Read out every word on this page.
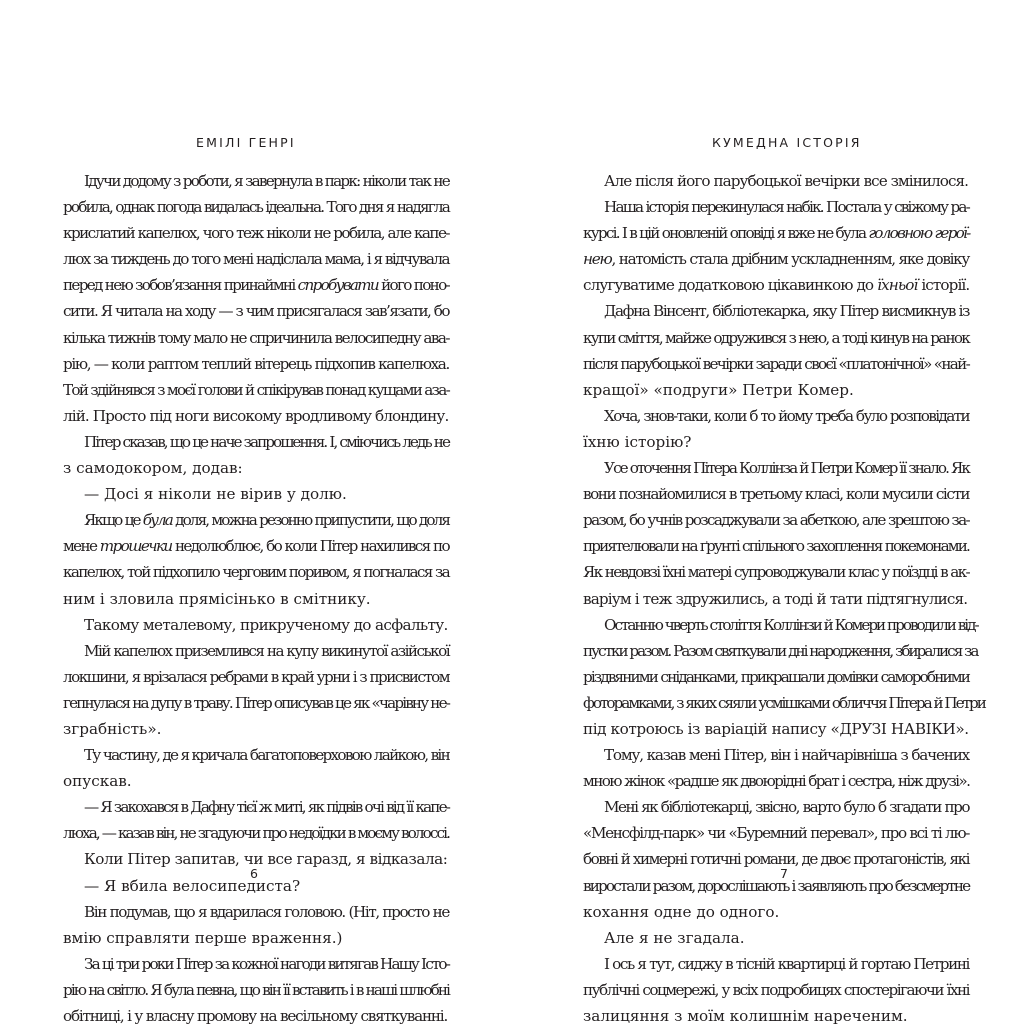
ЕМІЛІ ГЕНРІ
Ідучи додому з роботи, я завернула в парк: ніколи так не
робила, однак погода видалась ідеальна. Того дня я надягла
крислатий капелюх, чого теж ніколи не робила, але капе-
люх за тиждень до того мені надіслала мама, і я відчувала
перед нею зобов’язання принаймні спробувати його поно-
сити. Я читала на ходу — з чим присягалася зав’язати, бо
кілька тижнів тому мало не спричинила велосипедну ава-
рію, — коли раптом теплий вітерець підхопив капелюха.
Той здійнявся з моєї голови й спікірував понад кущами аза-
лій. Просто під ноги високому вродливому блондину.
Пітер сказав, що це наче запрошення. І, сміючись ледь не
з самодокором, додав:
— Досі я ніколи не вірив у долю.
Якщо це була доля, можна резонно припустити, що доля
мене трошечки недолюблює, бо коли Пітер нахилився по
капелюх, той підхопило черговим поривом, я погналася за
ним і зловила прямісінько в смітнику.
Такому металевому, прикрученому до асфальту.
Мій капелюх приземлився на купу викинутої азійської
локшини, я врізалася ребрами в край урни і з присвистом
гепнулася на дупу в траву. Пітер описував це як «чарівну не-
зграбність».
Ту частину, де я кричала багатоповерховою лайкою, він
опускав.
— Я закохався в Дафну тієї ж миті, як підвів очі від її капе-
люха, — казав він, не згадуючи про недоїдки в моєму волоссі.
Коли Пітер запитав, чи все гаразд, я відказала:
— Я вбила велосипедиста?
Він подумав, що я вдарилася головою. (Ніт, просто не
вмію справляти перше враження.)
За ці три роки Пітер за кожної нагоди витягав Нашу Істо-
рію на світло. Я була певна, що він її вставить і в наші шлюбні
обітниці, і у власну промову на весільному святкуванні.
6
КУМЕДНА ІСТОРІЯ
Але після його парубоцької вечірки все змінилося.
Наша історія перекинулася набік. Постала у свіжому ра-
курсі. І в цій оновленій оповіді я вже не була головною герої-
нею, натомість стала дрібним ускладненням, яке довіку
слугуватиме додатковою цікавинкою до їхньої історії.
Дафна Вінсент, бібліотекарка, яку Пітер висмикнув із
купи сміття, майже одружився з нею, а тоді кинув на ранок
після парубоцької вечірки заради своєї «платонічної» «най-
кращої» «подруги» Петри Комер.
Хоча, знов-таки, коли б то йому треба було розповідати
їхню історію?
Усе оточення Пітера Коллінза й Петри Комер її знало. Як
вони познайомилися в третьому класі, коли мусили сісти
разом, бо учнів розсаджували за абеткою, але зрештою за-
приятелювали на ґрунті спільного захоплення покемонами.
Як невдовзі їхні матері супроводжували клас у поїздці в ак-
варіум і теж здружились, а тоді й тати підтягнулися.
Останню чверть століття Коллінзи й Комери проводили від-
пустки разом. Разом святкували дні народження, збиралися за
різдвяними сніданками, прикрашали домівки саморобними
фоторамками, з яких сяяли усмішками обличчя Пітера й Петри
під котроюсь із варіацій напису «ДРУЗІ НАВІКИ».
Тому, казав мені Пітер, він і найчарівніша з бачених
мною жінок «радше як двоюрідні брат і сестра, ніж друзі».
Мені як бібліотекарці, звісно, варто було б згадати про
«Менсфілд-парк» чи «Буремний перевал», про всі ті лю-
бовні й химерні готичні романи, де двоє протагоністів, які
виростали разом, дорослішають і заявляють про безсмертне
кохання одне до одного.
Але я не згадала.
І ось я тут, сиджу в тісній квартирці й гортаю Петрині
публічні соцмережі, у всіх подробицях спостерігаючи їхні
залицяння з моїм колишнім нареченим.
7
